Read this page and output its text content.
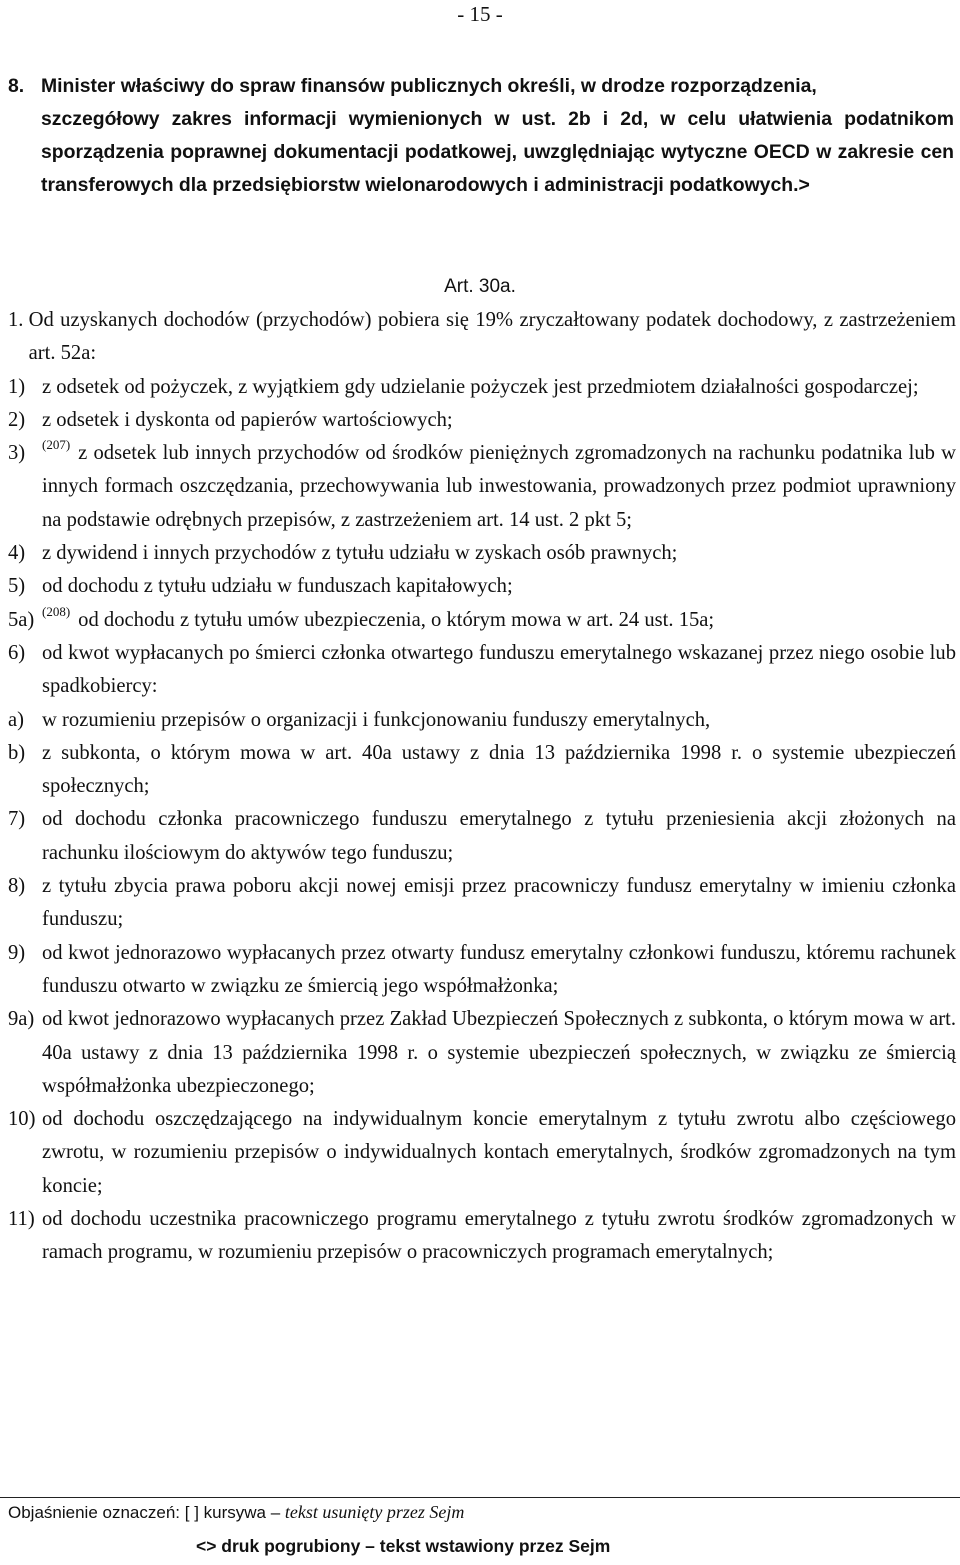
- 15 -
8. Minister właściwy do spraw finansów publicznych określi, w drodze rozporządzenia,
szczegółowy zakres informacji wymienionych w ust. 2b i 2d, w celu ułatwienia podatnikom sporządzenia poprawnej dokumentacji podatkowej, uwzględniając wytyczne OECD w zakresie cen transferowych dla przedsiębiorstw wielonarodowych i administracji podatkowych.>
Art. 30a.
1. Od uzyskanych dochodów (przychodów) pobiera się 19% zryczałtowany podatek dochodowy, z zastrzeżeniem art. 52a:
1) z odsetek od pożyczek, z wyjątkiem gdy udzielanie pożyczek jest przedmiotem działalności gospodarczej;
2) z odsetek i dyskonta od papierów wartościowych;
3)	$^{(207)}$ z odsetek lub innych przychodów od środków pieniężnych zgromadzonych na rachunku podatnika lub w innych formach oszczędzania, przechowywania lub inwestowania, prowadzonych przez podmiot uprawniony na podstawie odrębnych przepisów, z zastrzeżeniem art. 14 ust. 2 pkt 5;
4) z dywidend i innych przychodów z tytułu udziału w zyskach osób prawnych;
5) od dochodu z tytułu udziału w funduszach kapitałowych;
5a) $^{(208)}$ od dochodu z tytułu umów ubezpieczenia, o którym mowa w art. 24 ust. 15a;
6) od kwot wypłacanych po śmierci członka otwartego funduszu emerytalnego wskazanej przez niego osobie lub spadkobiercy:
a) w rozumieniu przepisów o organizacji i funkcjonowaniu funduszy emerytalnych,
b) z subkonta, o którym mowa w art. 40a ustawy z dnia 13 października 1998 r. o systemie ubezpieczeń społecznych;
7) od dochodu członka pracowniczego funduszu emerytalnego z tytułu przeniesienia akcji złożonych na rachunku ilościowym do aktywów tego funduszu;
8) z tytułu zbycia prawa poboru akcji nowej emisji przez pracowniczy fundusz emerytalny w imieniu członka funduszu;
9) od kwot jednorazowo wypłacanych przez otwarty fundusz emerytalny członkowi funduszu, któremu rachunek funduszu otwarto w związku ze śmiercią jego współmałżonka;
9a) od kwot jednorazowo wypłacanych przez Zakład Ubezpieczeń Społecznych z subkonta, o którym mowa w art. 40a ustawy z dnia 13 października 1998 r. o systemie ubezpieczeń społecznych, w związku ze śmiercią współmałżonka ubezpieczonego;
10) od dochodu oszczędzającego na indywidualnym koncie emerytalnym z tytułu zwrotu albo częściowego zwrotu, w rozumieniu przepisów o indywidualnych kontach emerytalnych, środków zgromadzonych na tym koncie;
11) od dochodu uczestnika pracowniczego programu emerytalnego z tytułu zwrotu środków zgromadzonych w ramach programu, w rozumieniu przepisów o pracowniczych programach emerytalnych;
Objaśnienie oznaczeń: [ ] kursywa – tekst usunięty przez Sejm
<> druk pogrubiony – tekst wstawiony przez Sejm
